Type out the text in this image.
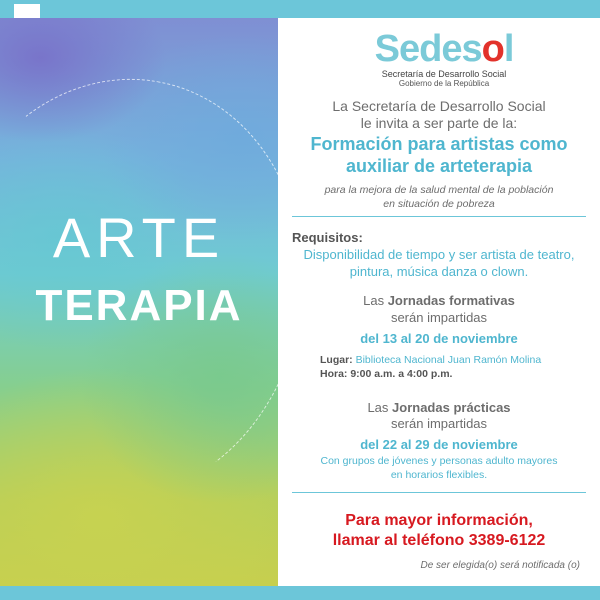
ARTE
TERAPIA
Sedesol
Secretaría de Desarrollo Social
Gobierno de la República
La Secretaría de Desarrollo Social
le invita a ser parte de la:
Formación para artistas como
auxiliar de arteterapia
para la mejora de la salud mental de la población
en situación de pobreza
Requisitos:
Disponibilidad de tiempo y ser artista de teatro,
pintura, música danza o clown.
Las Jornadas formativas
serán impartidas
del 13 al 20 de noviembre
Lugar: Biblioteca Nacional Juan Ramón Molina
Hora: 9:00 a.m. a 4:00 p.m.
Las Jornadas prácticas
serán impartidas
del 22 al 29 de noviembre
Con grupos de jóvenes y personas adulto mayores
en horarios flexibles.
Para mayor información,
llamar al teléfono 3389-6122
De ser elegida(o) será notificada (o)
